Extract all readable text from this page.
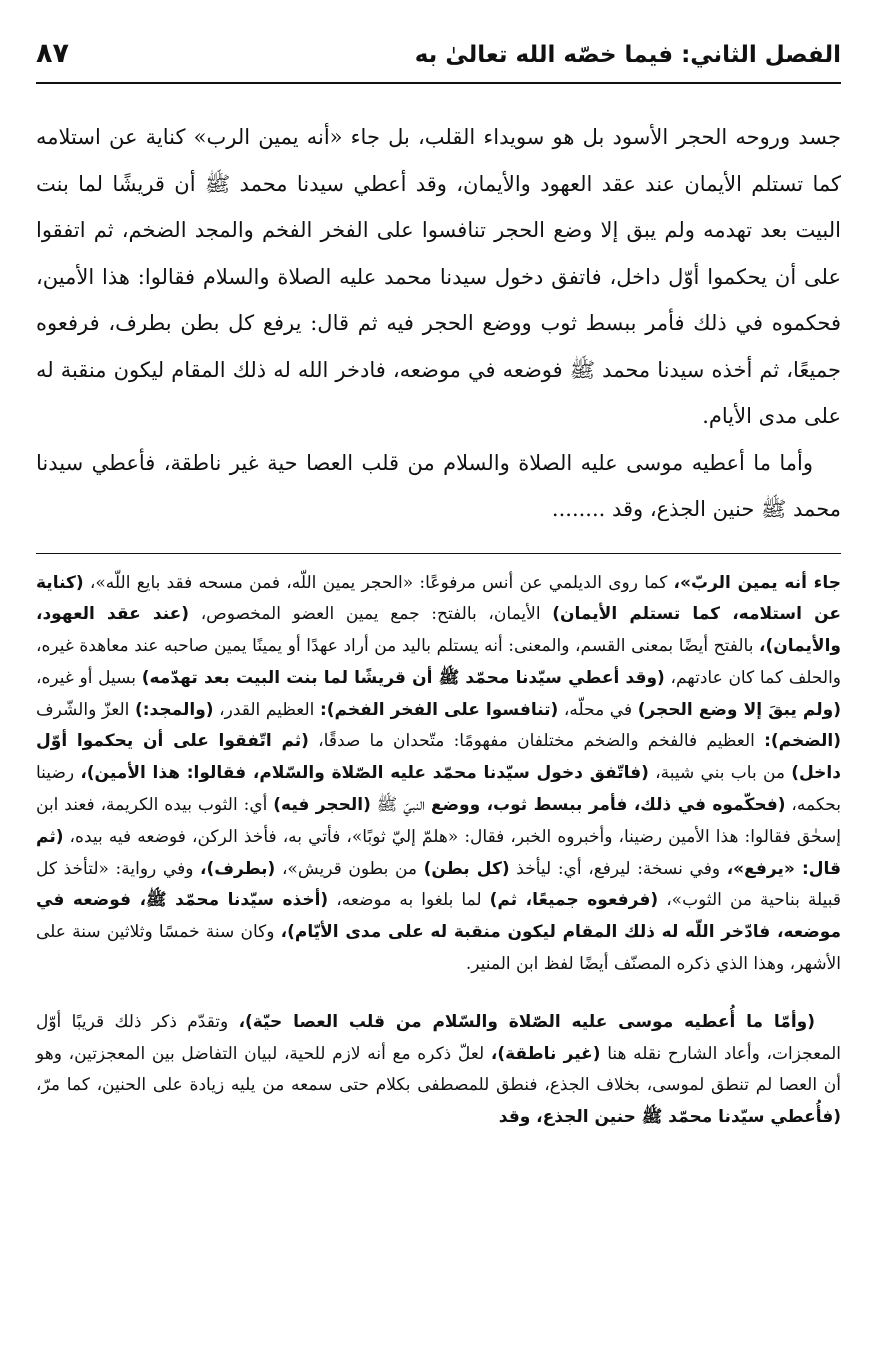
الفصل الثاني: فيما خصّه الله تعالىٰ به
٨٧

جسد وروحه الحجر الأسود بل هو سويداء القلب، بل جاء «أنه يمين الرب» كناية عن استلامه كما تستلم الأيمان عند عقد العهود والأيمان، وقد أعطي سيدنا محمد ﷺ أن قريشًا لما بنت البيت بعد تهدمه ولم يبق إلا وضع الحجر تنافسوا على الفخر الفخم والمجد الضخم، ثم اتفقوا على أن يحكموا أوّل داخل، فاتفق دخول سيدنا محمد عليه الصلاة والسلام فقالوا: هذا الأمين، فحكموه في ذلك فأمر ببسط ثوب ووضع الحجر فيه ثم قال: يرفع كل بطن بطرف، فرفعوه جميعًا، ثم أخذه سيدنا محمد ﷺ فوضعه في موضعه، فادخر الله له ذلك المقام ليكون منقبة له على مدى الأيام.

وأما ما أعطيه موسى عليه الصلاة والسلام من قلب العصا حية غير ناطقة، فأعطي سيدنا محمد ﷺ حنين الجذع، وقد ........

جاء أنه يمين الربّ»، كما روى الديلمي عن أنس مرفوعًا: «الحجر يمين اللّه، فمن مسحه فقد بايع اللّه»، (كناية عن استلامه، كما تستلم الأيمان) الأيمان، بالفتح: جمع يمين العضو المخصوص، (عند عقد العهود، والأيمان)، بالفتح أيضًا بمعنى القسم، والمعنى: أنه يستلم باليد من أراد عهدًا أو يمينًا يمين صاحبه عند معاهدة غيره، والحلف كما كان عادتهم، (وقد أعطي سيّدنا محمّد ﷺ أن قريشًا لما بنت البيت بعد تهدّمه) بسيل أو غيره، (ولم يبقَ إلا وضع الحجر) في محلّه، (تنافسوا على الفخر الفخم): العظيم القدر، (والمجد:) العزّ والشّرف (الضخم): العظيم فالفخم والضخم مختلفان مفهومًا: متّحدان ما صدقًا، (ثم اتّفقوا على أن يحكموا أوّل داخل) من باب بني شيبة، (فاتّفق دخول سيّدنا محمّد عليه الصّلاة والسّلام، فقالوا: هذا الأمين)، رضينا بحكمه، (فحكّموه في ذلك، فأمر ببسط ثوب، ووضع النبيّ ﷺ (الحجر فيه) أي: الثوب بيده الكريمة، فعند ابن إسحٰق فقالوا: هذا الأمين رضينا، وأخبروه الخبر، فقال: «هلمّ إليّ ثوبًا»، فأتي به، فأخذ الركن، فوضعه فيه بيده، (ثم قال: «يرفع»، وفي نسخة: ليرفع، أي: ليأخذ (كل بطن) من بطون قريش»، (بطرف)، وفي رواية: «لتأخذ كل قبيلة بناحية من الثوب»، (فرفعوه جميعًا، ثم) لما بلغوا به موضعه، (أخذه سيّدنا محمّد ﷺ، فوضعه في موضعه، فادّخر اللّه له ذلك المقام ليكون منقبة له على مدى الأيّام)، وكان سنة خمسًا وثلاثين سنة على الأشهر، وهذا الذي ذكره المصنّف أيضًا لفظ ابن المنير.

(وأمّا ما أُعطيه موسى عليه الصّلاة والسّلام من قلب العصا حيّة)، وتقدّم ذكر ذلك قريبًا أوّل المعجزات، وأعاد الشارح نقله هنا (غير ناطقة)، لعلّ ذكره مع أنه لازم للحية، لبيان التفاضل بين المعجزتين، وهو أن العصا لم تنطق لموسى، بخلاف الجذع، فنطق للمصطفى بكلام حتى سمعه من يليه زيادة على الحنين، كما مرّ، (فأُعطي سيّدنا محمّد ﷺ حنين الجذع، وقد
